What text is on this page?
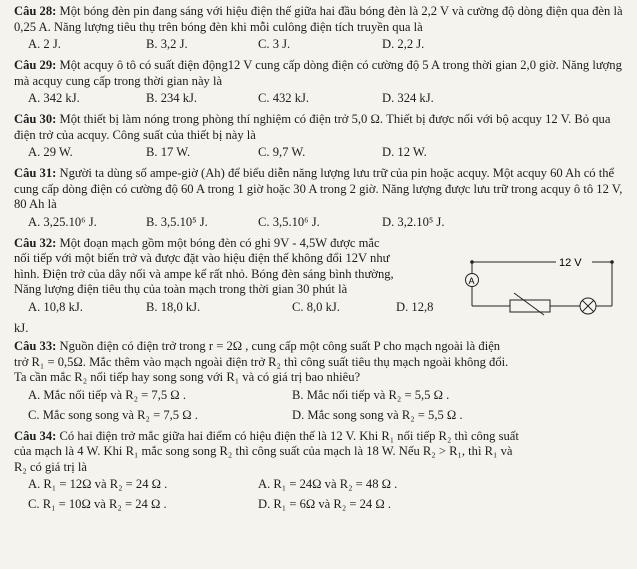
Câu 28: Một bóng đèn pin đang sáng với hiệu điện thế giữa hai đầu bóng đèn là 2,2 V và cường độ dòng điện qua đèn là 0,25 A. Năng lượng tiêu thụ trên bóng đèn khi mỗi culông điện tích truyền qua là

A. 2 J.	B. 3,2 J.	C. 3 J.	D. 2,2 J.

Câu 29: Một acquy ô tô có suất điện động12 V cung cấp dòng điện có cường độ 5 A trong thời gian 2,0 giờ. Năng lượng mà acquy cung cấp trong thời gian này là

A. 342 kJ.	B. 234 kJ.	C. 432 kJ.	D. 324 kJ.

Câu 30: Một thiết bị làm nóng trong phòng thí nghiệm có điện trở 5,0 Ω. Thiết bị được nối với bộ acquy 12 V. Bỏ qua điện trở của acquy. Công suất của thiết bị này là

A. 29 W.	B. 17 W.	C. 9,7 W.	D. 12 W.

Câu 31: Người ta dùng số ampe-giờ (Ah) để biểu diễn năng lượng lưu trữ của pin hoặc acquy. Một acquy 60 Ah có thể cung cấp dòng điện có cường độ 60 A trong 1 giờ hoặc 30 A trong 2 giờ. Năng lượng được lưu trữ trong acquy ô tô 12 V, 80 Ah là

A. 3,25.10⁶ J.	B. 3,5.10⁵ J.	C. 3,5.10⁶ J.	D. 3,2.10⁵ J.

Câu 32: Một đoạn mạch gồm một bóng đèn có ghi 9V - 4,5W được mắc

nối tiếp với một biến trở và được đặt vào hiệu điện thế không đổi 12V như

hình. Điện trở của dây nối và ampe kế rất nhỏ. Bóng đèn sáng bình thường,

Năng lượng điện tiêu thụ của toàn mạch trong thời gian 30 phút là

A. 10,8 kJ.	B. 18,0 kJ.	C. 8,0 kJ.	D. 12,8

kJ.

12 V
A

Câu 33: Nguồn điện có điện trở trong r = 2Ω , cung cấp một công suất P cho mạch ngoài là điện
trở R₁ = 0,5Ω. Mắc thêm vào mạch ngoài điện trở R₂ thì công suất tiêu thụ mạch ngoài không đổi.
Ta cần mắc R₂ nối tiếp hay song song với R₁ và có giá trị bao nhiêu?

A. Mắc nối tiếp và R₂ = 7,5 Ω .	B. Mắc nối tiếp và R₂ = 5,5 Ω .
C. Mắc song song và R₂ = 7,5 Ω .	D. Mắc song song và R₂ = 5,5 Ω .

Câu 34: Có hai điện trở mắc giữa hai điểm có hiệu điện thế là 12 V. Khi R₁ nối tiếp R₂ thì công suất
của mạch là 4 W. Khi R₁ mắc song song R₂ thì công suất của mạch là 18 W. Nếu R₂ > R₁, thì R₁ và
R₂ có giá trị là

A. R₁ = 12Ω và R₂ = 24 Ω .	A. R₁ = 24Ω và R₂ = 48 Ω .
C. R₁ = 10Ω và R₂ = 24 Ω .	D. R₁ = 6Ω và R₂ = 24 Ω .
